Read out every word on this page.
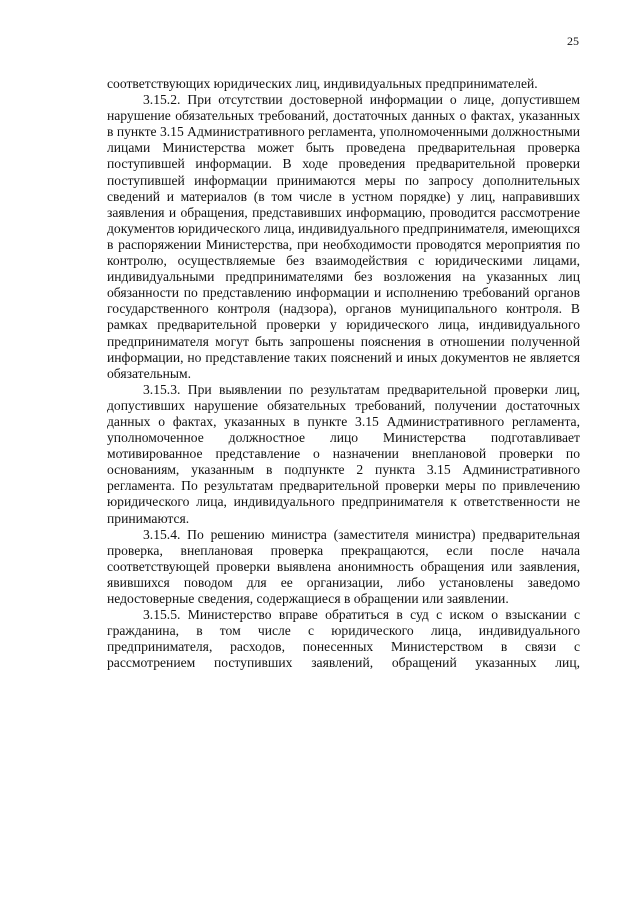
25

соответствующих юридических лиц, индивидуальных предпринимателей.

3.15.2. При отсутствии достоверной информации о лице, допустившем нарушение обязательных требований, достаточных данных о фактах, указанных в пункте 3.15 Административного регламента, уполномоченными должностными лицами Министерства может быть проведена предварительная проверка поступившей информации. В ходе проведения предварительной проверки поступившей информации принимаются меры по запросу дополнительных сведений и материалов (в том числе в устном порядке) у лиц, направивших заявления и обращения, представивших информацию, проводится рассмотрение документов юридического лица, индивидуального предпринимателя, имеющихся в распоряжении Министерства, при необходимости проводятся мероприятия по контролю, осуществляемые без взаимодействия с юридическими лицами, индивидуальными предпринимателями без возложения на указанных лиц обязанности по представлению информации и исполнению требований органов государственного контроля (надзора), органов муниципального контроля. В рамках предварительной проверки у юридического лица, индивидуального предпринимателя могут быть запрошены пояснения в отношении полученной информации, но представление таких пояснений и иных документов не является обязательным.

3.15.3. При выявлении по результатам предварительной проверки лиц, допустивших нарушение обязательных требований, получении достаточных данных о фактах, указанных в пункте 3.15 Административного регламента, уполномоченное должностное лицо Министерства подготавливает мотивированное представление о назначении внеплановой проверки по основаниям, указанным в подпункте 2 пункта 3.15 Административного регламента. По результатам предварительной проверки меры по привлечению юридического лица, индивидуального предпринимателя к ответственности не принимаются.

3.15.4. По решению министра (заместителя министра) предварительная проверка, внеплановая проверка прекращаются, если после начала соответствующей проверки выявлена анонимность обращения или заявления, явившихся поводом для ее организации, либо установлены заведомо недостоверные сведения, содержащиеся в обращении или заявлении.

3.15.5. Министерство вправе обратиться в суд с иском о взыскании с гражданина, в том числе с юридического лица, индивидуального предпринимателя, расходов, понесенных Министерством в связи с рассмотрением поступивших заявлений, обращений указанных лиц,
